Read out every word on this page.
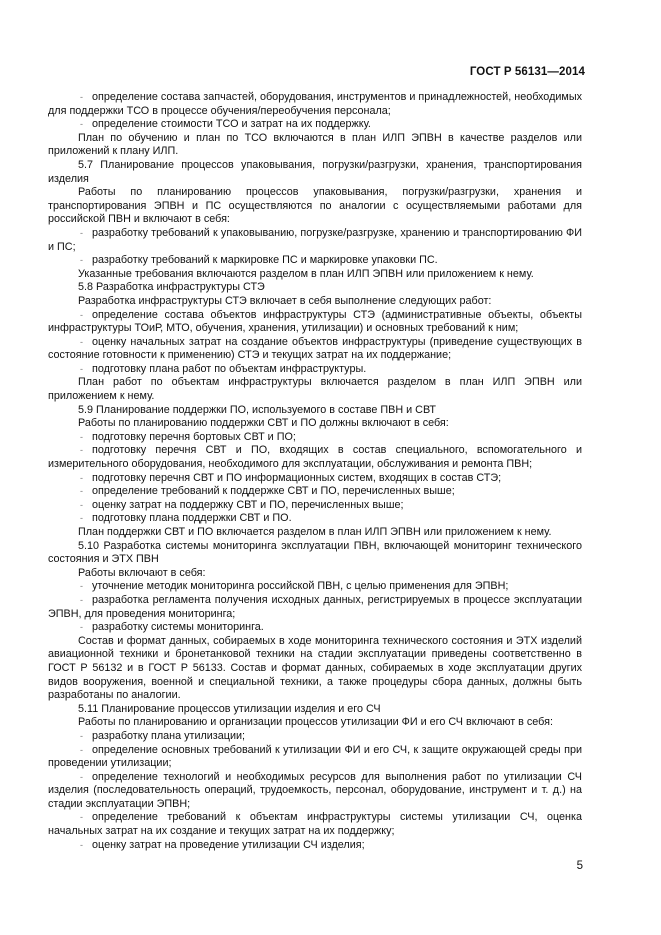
ГОСТ Р 56131—2014

- определение состава запчастей, оборудования, инструментов и принадлежностей, необходимых для поддержки ТСО в процессе обучения/переобучения персонала;

- определение стоимости ТСО и затрат на их поддержку.

План по обучению и план по ТСО включаются в план ИЛП ЭПВН в качестве разделов или приложений к плану ИЛП.

5.7 Планирование процессов упаковывания, погрузки/разгрузки, хранения, транспортирования изделия

Работы по планированию процессов упаковывания, погрузки/разгрузки, хранения и транспортирования ЭПВН и ПС осуществляются по аналогии с осуществляемыми работами для российской ПВН и включают в себя:

- разработку требований к упаковыванию, погрузке/разгрузке, хранению и транспортированию ФИ и ПС;

- разработку требований к маркировке ПС и маркировке упаковки ПС.

Указанные требования включаются разделом в план ИЛП ЭПВН или приложением к нему.

5.8 Разработка инфраструктуры СТЭ

Разработка инфраструктуры СТЭ включает в себя выполнение следующих работ:

- определение состава объектов инфраструктуры СТЭ (административные объекты, объекты инфраструктуры ТОиР, МТО, обучения, хранения, утилизации) и основных требований к ним;

- оценку начальных затрат на создание объектов инфраструктуры (приведение существующих в состояние готовности к применению) СТЭ и текущих затрат на их поддержание;

- подготовку плана работ по объектам инфраструктуры.

План работ по объектам инфраструктуры включается разделом в план ИЛП ЭПВН или приложением к нему.

5.9 Планирование поддержки ПО, используемого в составе ПВН и СВТ

Работы по планированию поддержки СВТ и ПО должны включают в себя:

- подготовку перечня бортовых СВТ и ПО;

- подготовку перечня СВТ и ПО, входящих в состав специального, вспомогательного и измерительного оборудования, необходимого для эксплуатации, обслуживания и ремонта ПВН;

- подготовку перечня СВТ и ПО информационных систем, входящих в состав СТЭ;

- определение требований к поддержке СВТ и ПО, перечисленных выше;

- оценку затрат на поддержку СВТ и ПО, перечисленных выше;

- подготовку плана поддержки СВТ и ПО.

План поддержки СВТ и ПО включается разделом в план ИЛП ЭПВН или приложением к нему.

5.10 Разработка системы мониторинга эксплуатации ПВН, включающей мониторинг технического состояния и ЭТХ ПВН

Работы включают в себя:

- уточнение методик мониторинга российской ПВН, с целью применения для ЭПВН;

- разработка регламента получения исходных данных, регистрируемых в процессе эксплуатации ЭПВН, для проведения мониторинга;

- разработку системы мониторинга.

Состав и формат данных, собираемых в ходе мониторинга технического состояния и ЭТХ изделий авиационной техники и бронетанковой техники на стадии эксплуатации приведены соответственно в ГОСТ Р 56132 и в ГОСТ Р 56133. Состав и формат данных, собираемых в ходе эксплуатации других видов вооружения, военной и специальной техники, а также процедуры сбора данных, должны быть разработаны по аналогии.

5.11 Планирование процессов утилизации изделия и его СЧ

Работы по планированию и организации процессов утилизации ФИ и его СЧ включают в себя:

- разработку плана утилизации;

- определение основных требований к утилизации ФИ и его СЧ, к защите окружающей среды при проведении утилизации;

- определение технологий и необходимых ресурсов для выполнения работ по утилизации СЧ изделия (последовательность операций, трудоемкость, персонал, оборудование, инструмент и т. д.) на стадии эксплуатации ЭПВН;

- определение требований к объектам инфраструктуры системы утилизации СЧ, оценка начальных затрат на их создание и текущих затрат на их поддержку;

- оценку затрат на проведение утилизации СЧ изделия;

5
